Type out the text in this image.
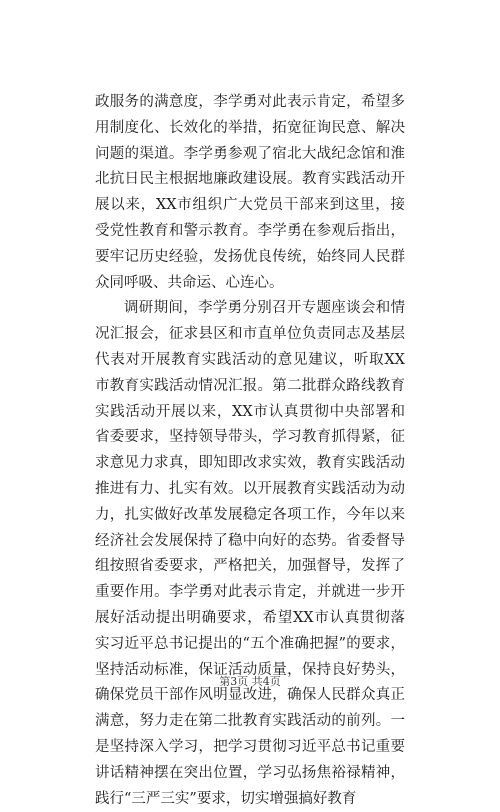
政服务的满意度，李学勇对此表示肯定，希望多用制度化、长效化的举措，拓宽征询民意、解决问题的渠道。李学勇参观了宿北大战纪念馆和淮北抗日民主根据地廉政建设展。教育实践活动开展以来，XX市组织广大党员干部来到这里，接受党性教育和警示教育。李学勇在参观后指出，要牢记历史经验，发扬优良传统，始终同人民群众同呼吸、共命运、心连心。

调研期间，李学勇分别召开专题座谈会和情况汇报会，征求县区和市直单位负责同志及基层代表对开展教育实践活动的意见建议，听取XX市教育实践活动情况汇报。第二批群众路线教育实践活动开展以来，XX市认真贯彻中央部署和省委要求，坚持领导带头，学习教育抓得紧，征求意见力求真，即知即改求实效，教育实践活动推进有力、扎实有效。以开展教育实践活动为动力，扎实做好改革发展稳定各项工作，今年以来经济社会发展保持了稳中向好的态势。省委督导组按照省委要求，严格把关，加强督导，发挥了重要作用。李学勇对此表示肯定，并就进一步开展好活动提出明确要求，希望XX市认真贯彻落实习近平总书记提出的“五个准确把握”的要求，坚持活动标准，保证活动质量，保持良好势头，确保党员干部作风明显改进，确保人民群众真正满意，努力走在第二批教育实践活动的前列。一是坚持深入学习，把学习贯彻习近平总书记重要讲话精神摆在突出位置，学习弘扬焦裕禄精神，践行“三严三实”要求，切实增强搞好教育

第3页 共4页
